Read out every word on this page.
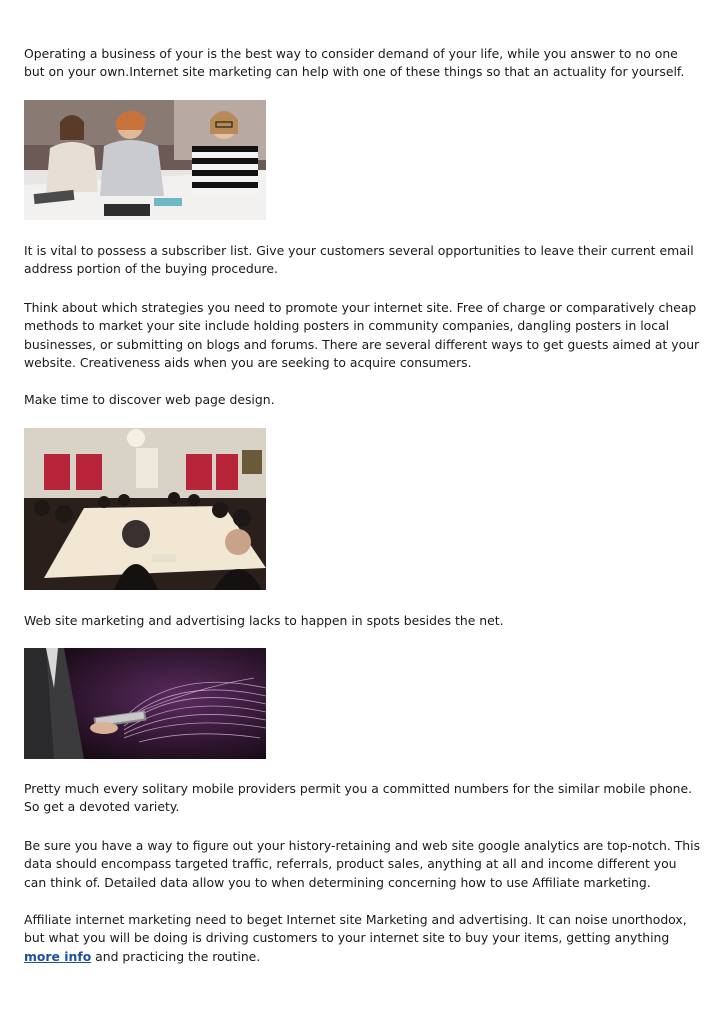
Operating a business of your is the best way to consider demand of your life, while you answer to no one but on your own.Internet site marketing can help with one of these things so that an actuality for yourself.

It is vital to possess a subscriber list. Give your customers several opportunities to leave their current email address portion of the buying procedure.

Think about which strategies you need to promote your internet site. Free of charge or comparatively cheap methods to market your site include holding posters in community companies, dangling posters in local businesses, or submitting on blogs and forums. There are several different ways to get guests aimed at your website. Creativeness aids when you are seeking to acquire consumers.

Make time to discover web page design.

Web site marketing and advertising lacks to happen in spots besides the net.

Pretty much every solitary mobile providers permit you a committed numbers for the similar mobile phone. So get a devoted variety.

Be sure you have a way to figure out your history-retaining and web site google analytics are top-notch. This data should encompass targeted traffic, referrals, product sales, anything at all and income different you can think of. Detailed data allow you to when determining concerning how to use Affiliate marketing.

Affiliate internet marketing need to beget Internet site Marketing and advertising. It can noise unorthodox, but what you will be doing is driving customers to your internet site to buy your items, getting anything more info and practicing the routine.
